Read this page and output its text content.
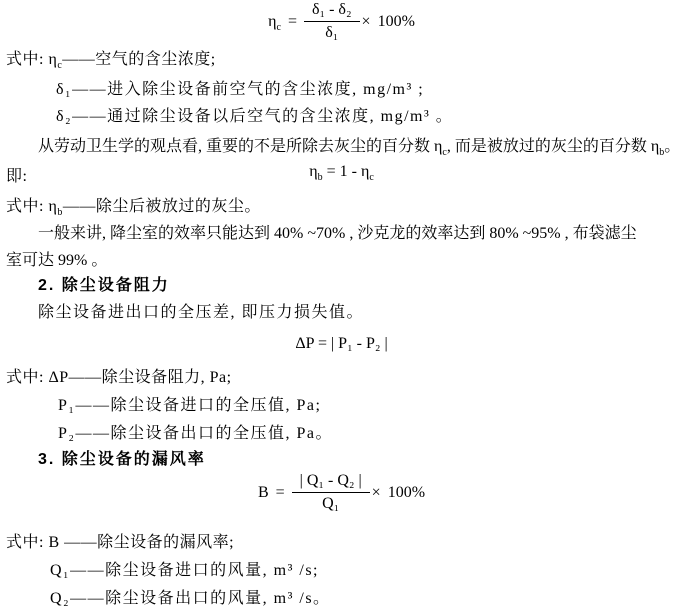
$\eta_c = \frac{\text{δ₁ - δ₂}}{\text{δ₁}} \times 100\%$
式中: $\eta_c——$空气的含尘浓度;
δ₁——进入除尘设备前空气的含尘浓度, mg/m³ ;
δ₂——通过除尘设备以后空气的含尘浓度, mg/m³ 。
从劳动卫生学的观点看, 重要的不是所除去灰尘的百分数 $\eta_c$, 而是被放过的灰尘的百分数 $\eta_b$。
即:	$\eta_b = 1 - \eta_c$
式中: $\eta_b——$除尘后被放过的灰尘。
一般来讲, 降尘室的效率只能达到 40% ~70% , 沙克龙的效率达到 80% ~95% , 布袋滤尘
室可达 99% 。
2. 除尘设备阻力
除尘设备进出口的全压差, 即压力损失值。
ΔP = | P₁ - P₂ |
式中: ΔP——除尘设备阻力, Pa;
P₁——除尘设备进口的全压值, Pa;
P₂——除尘设备出口的全压值, Pa。
3. 除尘设备的漏风率
$B = \frac{\text{| Q₁ - Q₂ |}}{\text{Q₁}} \times 100\%$
式中: B ——除尘设备的漏风率;
Q₁——除尘设备进口的风量, m³ /s;
Q₂——除尘设备出口的风量, m³ /s。
